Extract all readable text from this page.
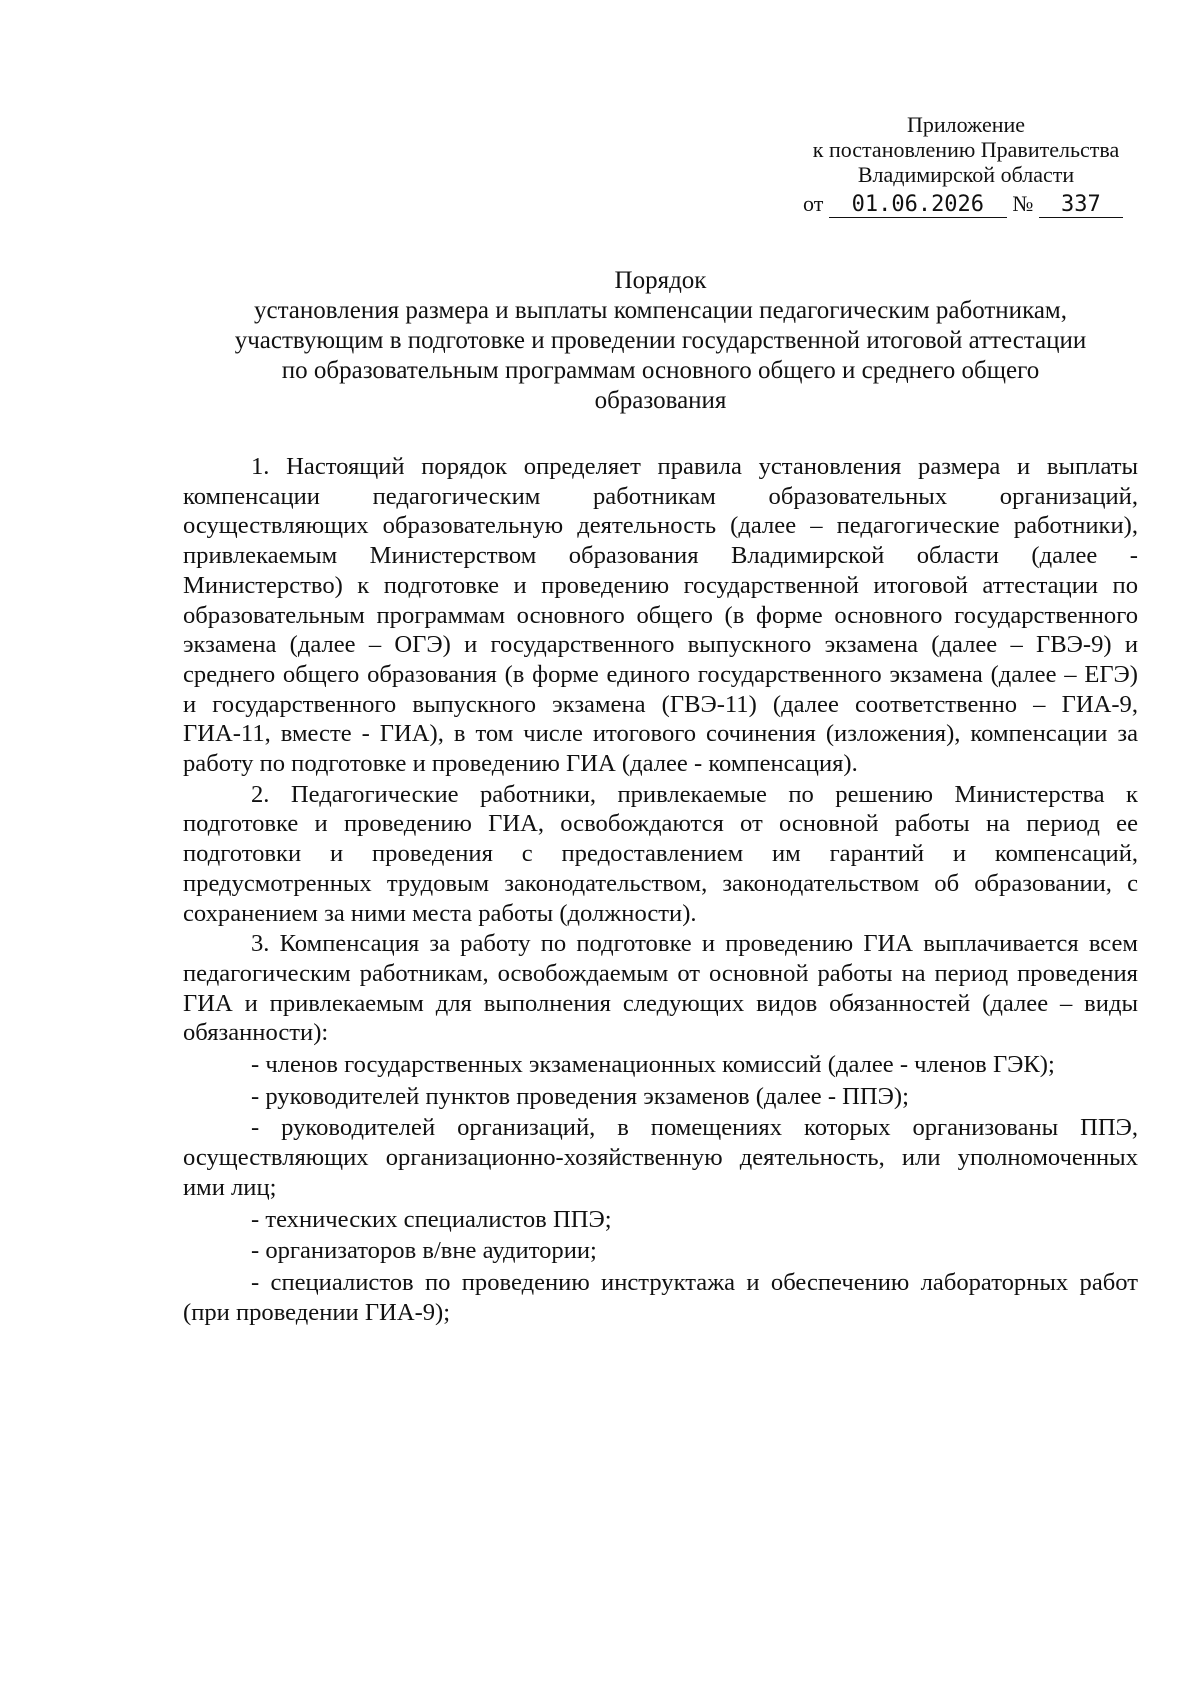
Приложение
к постановлению Правительства
Владимирской области
от 01.06.2026 № 337
Порядок
установления размера и выплаты компенсации педагогическим работникам,
участвующим в подготовке и проведении государственной итоговой аттестации
по образовательным программам основного общего и среднего общего
образования

1. Настоящий порядок определяет правила установления размера и выплаты компенсации педагогическим работникам образовательных организаций, осуществляющих образовательную деятельность (далее – педагогические работники), привлекаемым Министерством образования Владимирской области (далее - Министерство) к подготовке и проведению государственной итоговой аттестации по образовательным программам основного общего (в форме основного государственного экзамена (далее – ОГЭ) и государственного выпускного экзамена (далее – ГВЭ-9) и среднего общего образования (в форме единого государственного экзамена (далее – ЕГЭ) и государственного выпускного экзамена (ГВЭ-11) (далее соответственно – ГИА-9, ГИА-11, вместе - ГИА), в том числе итогового сочинения (изложения), компенсации за работу по подготовке и проведению ГИА (далее - компенсация).

2. Педагогические работники, привлекаемые по решению Министерства к подготовке и проведению ГИА, освобождаются от основной работы на период ее подготовки и проведения с предоставлением им гарантий и компенсаций, предусмотренных трудовым законодательством, законодательством об образовании, с сохранением за ними места работы (должности).

3. Компенсация за работу по подготовке и проведению ГИА выплачивается всем педагогическим работникам, освобождаемым от основной работы на период проведения ГИА и привлекаемым для выполнения следующих видов обязанностей (далее – виды обязанности):

- членов государственных экзаменационных комиссий (далее - членов ГЭК);

- руководителей пунктов проведения экзаменов (далее - ППЭ);

- руководителей организаций, в помещениях которых организованы ППЭ, осуществляющих организационно-хозяйственную деятельность, или уполномоченных ими лиц;

- технических специалистов ППЭ;

- организаторов в/вне аудитории;

- специалистов по проведению инструктажа и обеспечению лабораторных работ (при проведении ГИА-9);
